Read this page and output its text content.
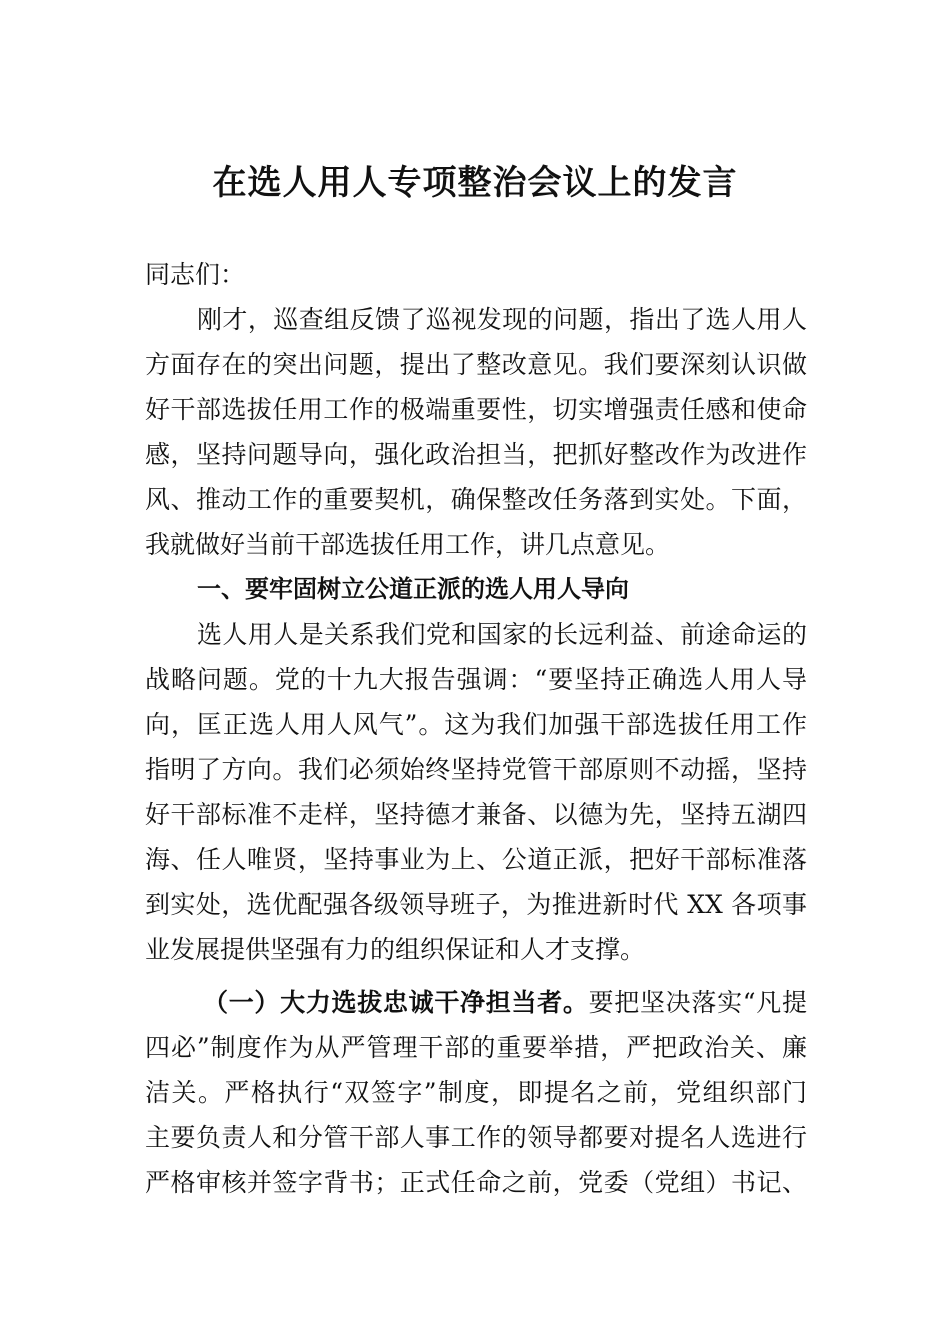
在选人用人专项整治会议上的发言
同志们：
刚才，巡查组反馈了巡视发现的问题，指出了选人用人
方面存在的突出问题，提出了整改意见。我们要深刻认识做
好干部选拔任用工作的极端重要性，切实增强责任感和使命
感，坚持问题导向，强化政治担当，把抓好整改作为改进作
风、推动工作的重要契机，确保整改任务落到实处。下面，
我就做好当前干部选拔任用工作，讲几点意见。
一、要牢固树立公道正派的选人用人导向
选人用人是关系我们党和国家的长远利益、前途命运的
战略问题。党的十九大报告强调：“要坚持正确选人用人导
向，匡正选人用人风气”。这为我们加强干部选拔任用工作
指明了方向。我们必须始终坚持党管干部原则不动摇，坚持
好干部标准不走样，坚持德才兼备、以德为先，坚持五湖四
海、任人唯贤，坚持事业为上、公道正派，把好干部标准落
到实处，选优配强各级领导班子，为推进新时代 XX 各项事
业发展提供坚强有力的组织保证和人才支撑。
（一）大力选拔忠诚干净担当者。要把坚决落实“凡提
四必”制度作为从严管理干部的重要举措，严把政治关、廉
洁关。严格执行“双签字”制度，即提名之前，党组织部门
主要负责人和分管干部人事工作的领导都要对提名人选进行
严格审核并签字背书；正式任命之前，党委（党组）书记、
